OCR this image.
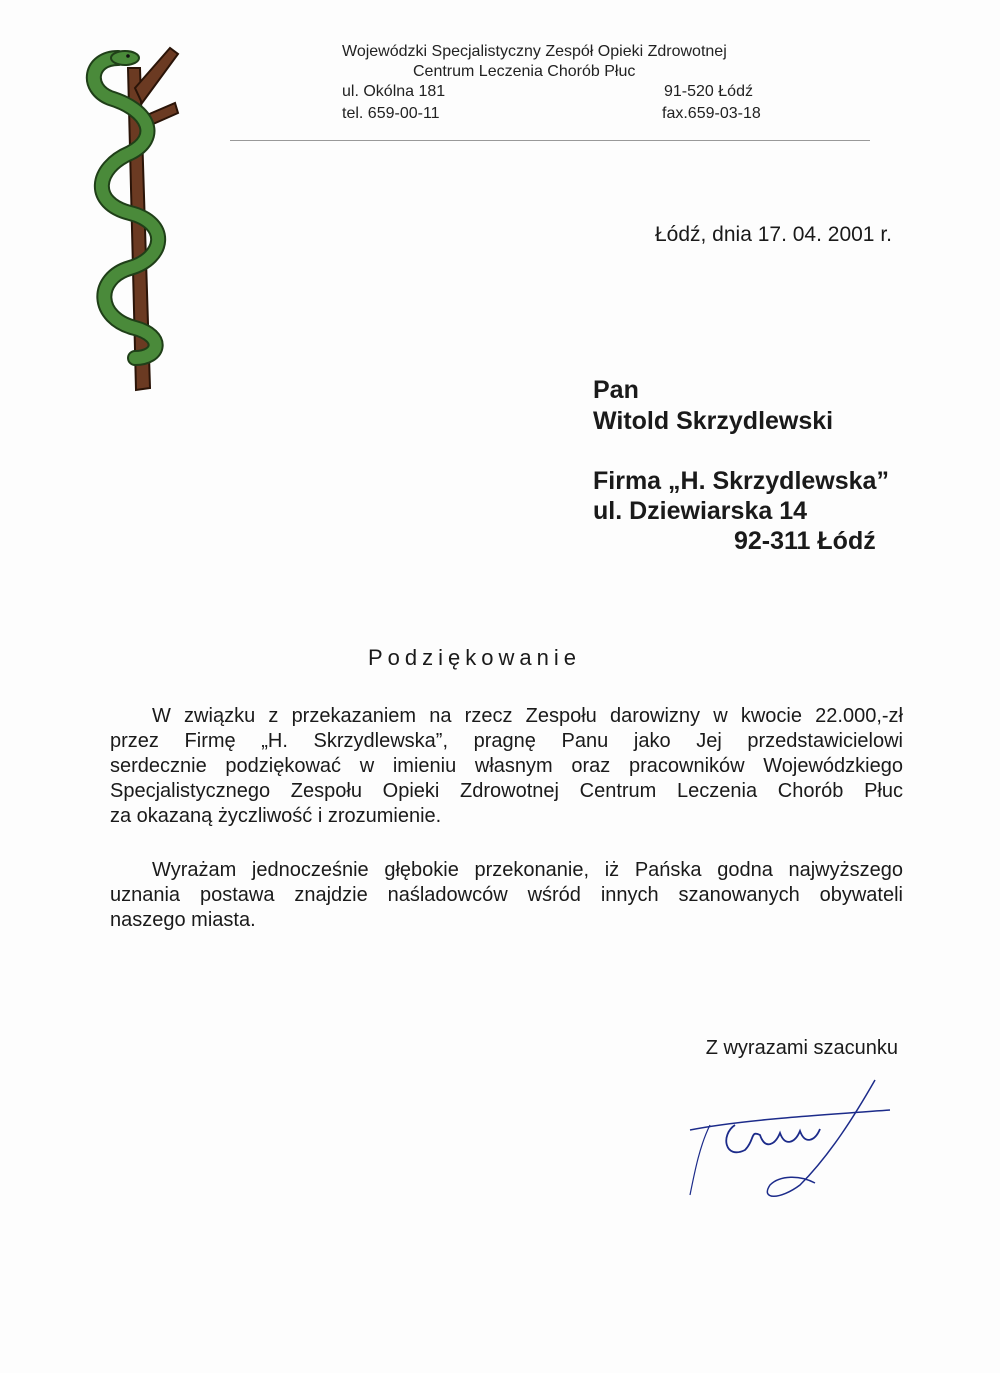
Wojewódzki Specjalistyczny Zespół Opieki Zdrowotnej
Centrum Leczenia Chorób Płuc
ul. Okólna 181	91-520 Łódź
tel. 659-00-11	fax.659-03-18
Łódź, dnia 17. 04. 2001 r.
Pan
Witold Skrzydlewski
Firma „H. Skrzydlewska”
ul. Dziewiarska 14
92-311 Łódź
Podziękowanie
W związku z przekazaniem na rzecz Zespołu darowizny w kwocie 22.000,-zł
przez Firmę „H. Skrzydlewska”, pragnę Panu jako Jej przedstawicielowi
serdecznie podziękować w imieniu własnym oraz pracowników Wojewódzkiego
Specjalistycznego Zespołu Opieki Zdrowotnej Centrum Leczenia Chorób Płuc
za okazaną życzliwość i zrozumienie.
Wyrażam jednocześnie głębokie przekonanie, iż Pańska godna najwyższego
uznania postawa znajdzie naśladowców wśród innych szanowanych obywateli
naszego miasta.
Z wyrazami szacunku
